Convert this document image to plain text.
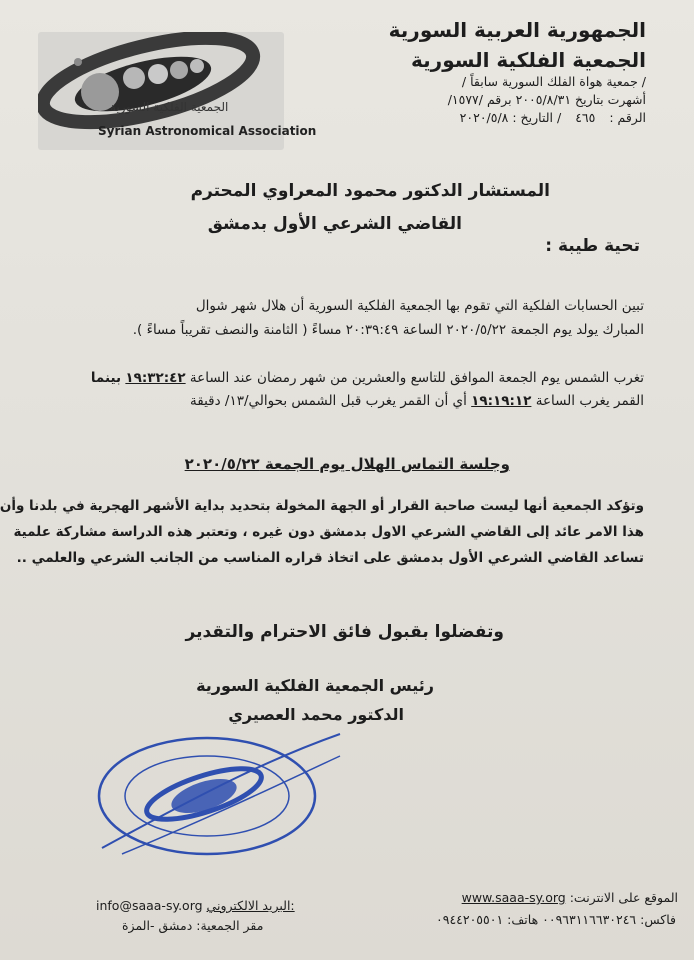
الجمهورية العربية السورية
الجمعية الفلكية السورية
/ جمعية هواة الفلك السورية سابقاً /
أشهرت بتاريخ ٢٠٠٥/٨/٣١ برقم /١٥٧٧/
الرقم : ٤٦٥ / التاريخ : ٢٠٢٠/٥/٨
الجمعية الفلكية السورية
Syrian Astronomical Association
المستشار الدكتور محمود المعراوي المحترم
القاضي الشرعي الأول بدمشق
تحية طيبة :
تبين الحسابات الفلكية التي تقوم بها الجمعية الفلكية السورية أن هلال شهر شوال
المبارك يولد يوم الجمعة ٢٠٢٠/٥/٢٢ الساعة ٢٠:٣٩:٤٩ مساءً ( الثامنة والنصف تقريباً مساءً ).
تغرب الشمس يوم الجمعة الموافق للتاسع والعشرين من شهر رمضان عند الساعة ١٩:٣٢:٤٢ بينما
القمر يغرب الساعة ١٩:١٩:١٢ أي أن القمر يغرب قبل الشمس بحوالي/١٣/ دقيقة
وجلسة التماس الهلال يوم الجمعة ٢٠٢٠/٥/٢٢
وتؤكد الجمعية أنها ليست صاحبة القرار أو الجهة المخولة بتحديد بداية الأشهر الهجرية في بلدنا وأن
هذا الامر عائد إلى القاضي الشرعي الاول بدمشق دون غيره ، وتعتبر هذه الدراسة مشاركة علمية
تساعد القاضي الشرعي الأول بدمشق على اتخاذ قراره المناسب من الجانب الشرعي والعلمي ..
وتفضلوا بقبول فائق الاحترام والتقدير
رئيس الجمعية الفلكية السورية
الدكتور محمد العصيري
www.saaa-sy.org الموقع على الانترنت:
فاكس: ٠٠٩٦٣١١٦٦٣٠٢٤٦ هاتف: ٠٩٤٤٢٠٥٥٠١
info@saaa-sy.org :البريد الالكتروني
مقر الجمعية: دمشق -المزة
